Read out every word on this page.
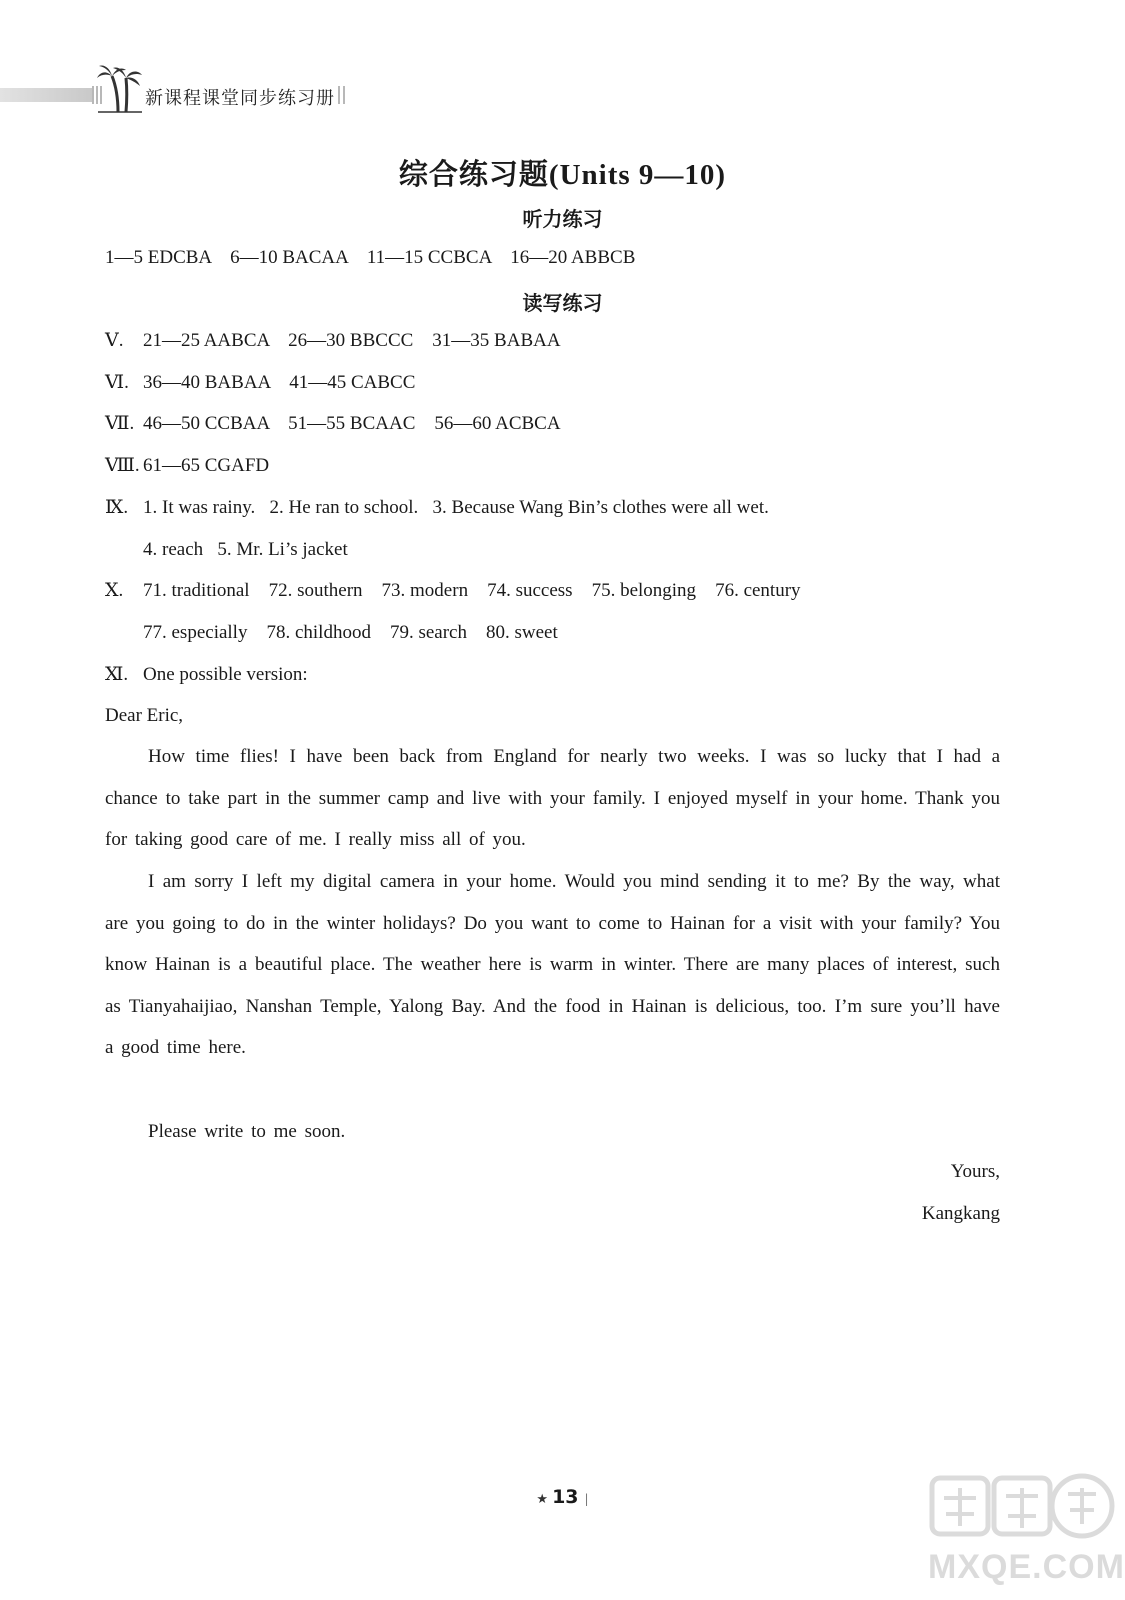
新课程课堂同步练习册
综合练习题(Units 9—10)
听力练习
1—5 EDCBA 6—10 BACAA 11—15 CCBCA 16—20 ABBCB
读写练习
Ⅴ. 21—25 AABCA 26—30 BBCCC 31—35 BABAA
Ⅵ. 36—40 BABAA 41—45 CABCC
Ⅶ. 46—50 CCBAA 51—55 BCAAC 56—60 ACBCA
Ⅷ. 61—65 CGAFD
Ⅸ. 1. It was rainy. 2. He ran to school. 3. Because Wang Bin’s clothes were all wet.
4. reach 5. Mr. Li’s jacket
Ⅹ. 71. traditional 72. southern 73. modern 74. success 75. belonging 76. century
77. especially 78. childhood 79. search 80. sweet
Ⅺ. One possible version:
Dear Eric,
How time flies! I have been back from England for nearly two weeks. I was so lucky that I had a chance to take part in the summer camp and live with your family. I enjoyed myself in your home. Thank you for taking good care of me. I really miss all of you.
I am sorry I left my digital camera in your home. Would you mind sending it to me? By the way, what are you going to do in the winter holidays? Do you want to come to Hainan for a visit with your family? You know Hainan is a beautiful place. The weather here is warm in winter. There are many places of interest, such as Tianyahaijiao, Nanshan Temple, Yalong Bay. And the food in Hainan is delicious, too. I’m sure you’ll have a good time here.
Please write to me soon.
Yours,
Kangkang
★ 13 |
MXQE.COM
